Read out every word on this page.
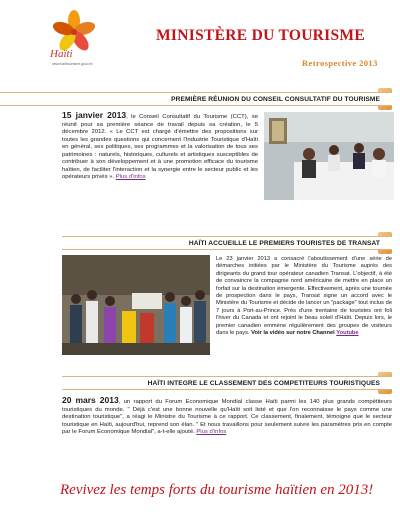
Haïti
www.haititourisme.gouv.ht
MINISTÈRE DU TOURISME
Retrospective 2013
PREMIÈRE RÉUNION DU CONSEIL CONSULTATIF DU TOURISME
15 janvier 2013, le Conseil Consultatif du Tourisme (CCT), se réunit pour sa première séance de travail depuis sa création, le 5 décembre 2012. « Le CCT est chargé d'émettre des propositions sur toutes les grandes questions qui concernent l'Industrie Touristique d'Haïti en général, ses politiques, ses programmes et la valorisation de tous ses patrimoines : naturels, historiques, culturels et artistiques susceptibles de contribuer à son développement et à une promotion efficace du tourisme haïtien, de faciliter l'interaction et la synergie entre le secteur public et les opérateurs privés ». Plus d'infos
HAÏTI ACCUEILLE LE PREMIERS TOURISTES DE TRANSAT
Le 23 janvier 2013 a consacré l'aboutissement d'une série de démarches initiées par le Ministère du Tourisme auprès des dirigeants du grand tour opérateur canadien Transat. L'objectif, à été de convaincre la compagnie nord américaine de mettre en place un forfait sur la destination émergente. Effectivement, après une tournée de prospection dans le pays, Transat signe un accord avec le Ministère du Tourisme et décide de lancer un "package" tout inclus de 7 jours à Port-au-Prince. Près d'une trentaine de touristes ont foli l'hiver du Canada et ont rejoint le beau soleil d'Haïti. Depuis lors, le premier canadien emmène régulièrement des groupes de visiteurs dans le pays. Voir la vidéo sur notre Channel Youtube
HAÏTI INTEGRE LE CLASSEMENT DES COMPETITEURS TOURISTIQUES
20 mars 2013, un rapport du Forum Economique Mondial classe Haïti parmi les 140 plus grands compétiteurs touristiques du monde. " Déjà c'est une bonne nouvelle qu'Haïti soit listé et que l'on reconnaisse le pays comme une destination touristique", a réagi le Ministre du Tourisme à ce rapport. Ce classement, finalement, témoigne que le secteur touristique en Haïti, aujourd'hui, reprend son élan. " Et nous travaillons pour seulement suivre les paramètres pris en compte par le Forum Economique Mondial", a-t-elle ajouté. Plus d'infos
Revivez les temps forts du tourisme haïtien en 2013!
